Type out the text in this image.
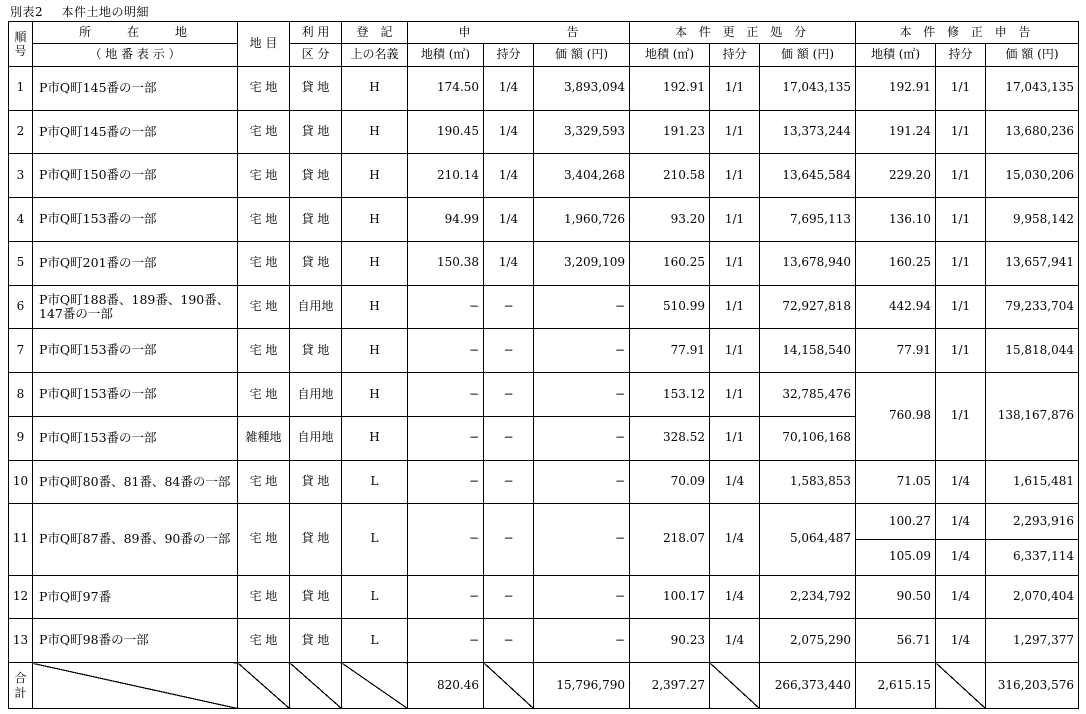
別表2 本件土地の明細
順
号	所　　在　　地	地 目	利 用	登　記	申　　　　　　　　告			本 件 更 正 処 分			本 件 修 正 申 告		
	（ 地 番 表 示 ）		区 分	上の名義	地積 (㎡)	持分	価 額 (円)	地積 (㎡)	持分	価 額 (円)	地積 (㎡)	持分	価 額 (円)
1	P市Q町145番の一部	宅 地	貸 地	H	174.50	1/4	3,893,094	192.91	1/1	17,043,135	192.91	1/1	17,043,135
2	P市Q町145番の一部	宅 地	貸 地	H	190.45	1/4	3,329,593	191.23	1/1	13,373,244	191.24	1/1	13,680,236
3	P市Q町150番の一部	宅 地	貸 地	H	210.14	1/4	3,404,268	210.58	1/1	13,645,584	229.20	1/1	15,030,206
4	P市Q町153番の一部	宅 地	貸 地	H	94.99	1/4	1,960,726	93.20	1/1	7,695,113	136.10	1/1	9,958,142
5	P市Q町201番の一部	宅 地	貸 地	H	150.38	1/4	3,209,109	160.25	1/1	13,678,940	160.25	1/1	13,657,941
6	P市Q町188番、189番、190番、147番の一部	宅 地	自用地	H	−	−	−	510.99	1/1	72,927,818	442.94	1/1	79,233,704
7	P市Q町153番の一部	宅 地	貸 地	H	−	−	−	77.91	1/1	14,158,540	77.91	1/1	15,818,044
8	P市Q町153番の一部	宅 地	自用地	H	−	−	−	153.12	1/1	32,785,476	760.98	1/1	138,167,876
9	P市Q町153番の一部	雑種地	自用地	H	−	−	−	328.52	1/1	70,106,168			
10	P市Q町80番、81番、84番の一部	宅 地	貸 地	L	−	−	−	70.09	1/4	1,583,853	71.05	1/4	1,615,481
11	P市Q町87番、89番、90番の一部	宅 地	貸 地	L	−	−	−	218.07	1/4	5,064,487	100.27	1/4	2,293,916
											105.09	1/4	6,337,114
12	P市Q町97番	宅 地	貸 地	L	−	−	−	100.17	1/4	2,234,792	90.50	1/4	2,070,404
13	P市Q町98番の一部	宅 地	貸 地	L	−	−	−	90.23	1/4	2,075,290	56.71	1/4	1,297,377

合
計					820.46		15,796,790	2,397.27		266,373,440	2,615.15		316,203,576
